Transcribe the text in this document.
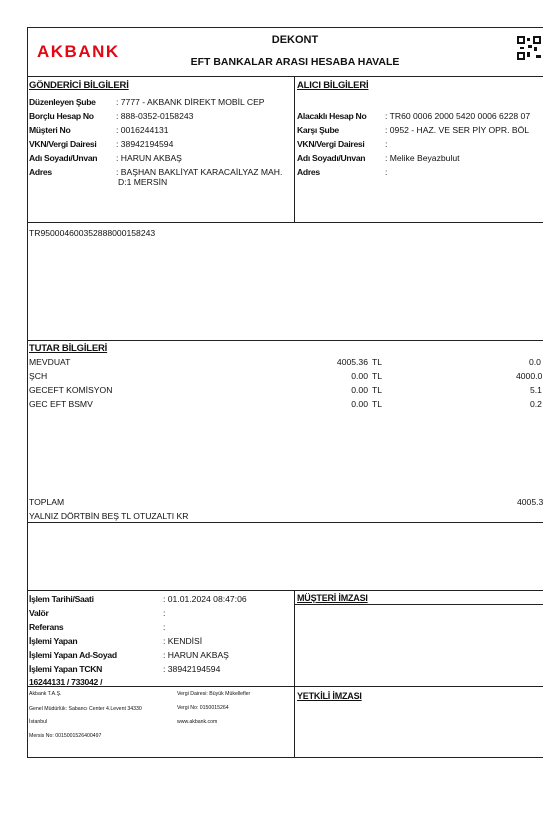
AKBANK
DEKONT
EFT BANKALAR ARASI HESABA HAVALE
GÖNDERİCİ BİLGİLERİ	ALICI BİLGİLERİ
Düzenleyen Şube : 7777 - AKBANK DİREKT MOBİL CEP
Borçlu Hesap No	: 888-0352-0158243
Müşteri No	: 0016244131
VKN/Vergi Dairesi : 38942194594
Adı Soyadı/Unvan : HARUN AKBAŞ
Adres	: BAŞHAN BAKLİYAT KARACAİLYAZ MAH.
D:1 MERSİN
Alacaklı Hesap No : TR60 0006 2000 5420 0006 6228 07
Karşı Şube	: 0952 - HAZ. VE SER PİY OPR. BÖL
VKN/Vergi Dairesi :
Adı Soyadı/Unvan : Melike Beyazbulut
Adres	:
TR950004600352888000158243
TUTAR BİLGİLERİ
MEVDUAT	4005.36 TL	0.0
ŞCH	0.00 TL	4000.0
GECEFT KOMİSYON	0.00 TL	5.1
GEC EFT BSMV	0.00 TL	0.2
TOPLAM	4005.3
YALNIZ DÖRTBİN BEŞ TL OTUZALTI KR
İşlem Tarihi/Saati	: 01.01.2024 08:47:06
Valör	:
Referans	:
İşlemi Yapan	: KENDİSİ
İşlemi Yapan Ad-Soyad	: HARUN AKBAŞ
İşlemi Yapan TCKN	: 38942194594
16244131 / 733042 /
MÜŞTERİ İMZASI
YETKİLİ İMZASI
Akbank T.A.Ş.
Genel Müdürlük: Sabancı Center 4.Levent 34330
İstanbul
Mersis No: 0015001526400497
Vergi Dairesi: Büyük Mükellefler
Vergi No: 0150015264
www.akbank.com
